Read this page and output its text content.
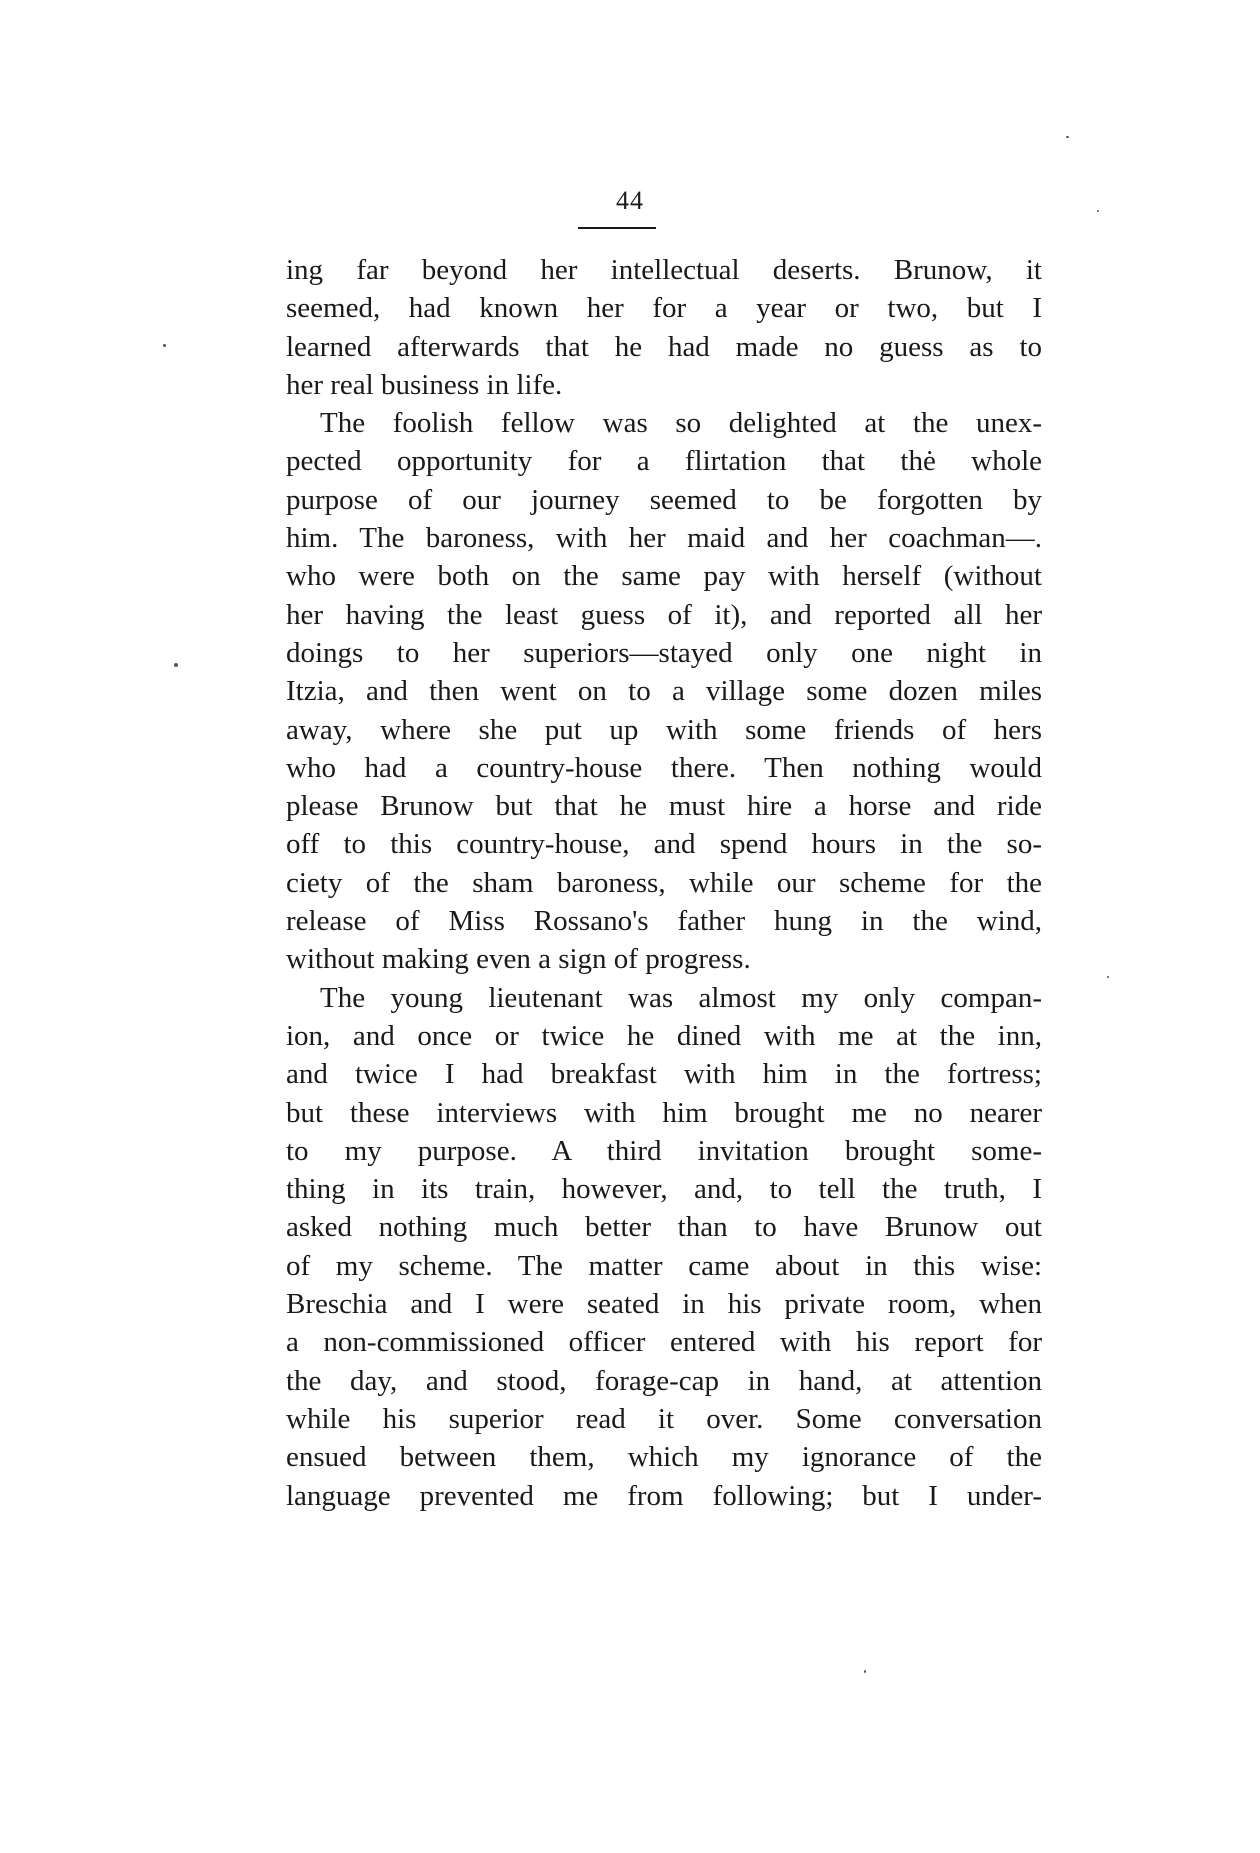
44
ing far beyond her intellectual deserts. Brunow, it
seemed, had known her for a year or two, but I
learned afterwards that he had made no guess as to
her real business in life.
The foolish fellow was so delighted at the unex-
pected opportunity for a flirtation that thė whole
purpose of our journey seemed to be forgotten by
him. The baroness, with her maid and her coachman—.
who were both on the same pay with herself (without
her having the least guess of it), and reported all her
doings to her superiors—stayed only one night in
Itzia, and then went on to a village some dozen miles
away, where she put up with some friends of hers
who had a country-house there. Then nothing would
please Brunow but that he must hire a horse and ride
off to this country-house, and spend hours in the so-
ciety of the sham baroness, while our scheme for the
release of Miss Rossano's father hung in the wind,
without making even a sign of progress.
The young lieutenant was almost my only compan-
ion, and once or twice he dined with me at the inn,
and twice I had breakfast with him in the fortress;
but these interviews with him brought me no nearer
to my purpose. A third invitation brought some-
thing in its train, however, and, to tell the truth, I
asked nothing much better than to have Brunow out
of my scheme. The matter came about in this wise:
Breschia and I were seated in his private room, when
a non-commissioned officer entered with his report for
the day, and stood, forage-cap in hand, at attention
while his superior read it over. Some conversation
ensued between them, which my ignorance of the
language prevented me from following; but I under-
